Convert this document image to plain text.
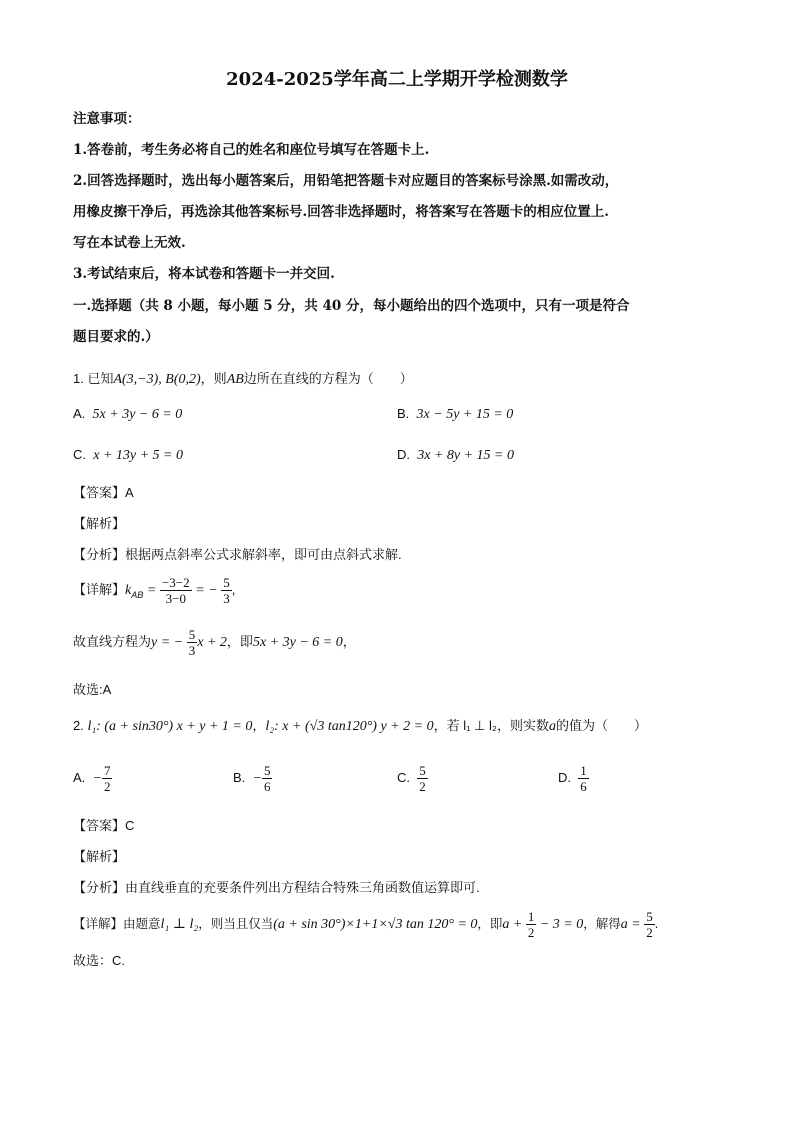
2024-2025学年高二上学期开学检测数学
注意事项：
1.答卷前，考生务必将自己的姓名和座位号填写在答题卡上.
2.回答选择题时，选出每小题答案后，用铅笔把答题卡对应题目的答案标号涂黑.如需改动，
用橡皮擦干净后，再选涂其他答案标号.回答非选择题时，将答案写在答题卡的相应位置上.
写在本试卷上无效.
3.考试结束后，将本试卷和答题卡一并交回.
一.选择题（共 8 小题，每小题 5 分，共 40 分，每小题给出的四个选项中，只有一项是符合
题目要求的.）
1. 已知A(3,−3), B(0,2)，则AB边所在直线的方程为（　　）
A. 5x + 3y − 6 = 0	B. 3x − 5y + 15 = 0
C. x + 13y + 5 = 0	D. 3x + 8y + 15 = 0
【答案】A
【解析】
【分析】根据两点斜率公式求解斜率，即可由点斜式求解.
【详解】$k_{AB} = \frac{-3-2}{3-0}$ = − $\frac{5}{3}$ ,
故直线方程为y = − $\frac{5}{3}$ x + 2，即5x + 3y − 6 = 0，
故选:A
2. l₁: (a + sin30°) x + y + 1 = 0，l₂: x + (√3 tan120°) y + 2 = 0，若 l₁ ⊥ l₂，则实数a的值为（　　）
A. − $\frac{7}{2}$	B. − $\frac{5}{6}$	C. $\frac{5}{2}$	D. $\frac{1}{6}$
【答案】C
【解析】
【分析】由直线垂直的充要条件列出方程结合特殊三角函数值运算即可.
【详解】由题意l₁ ⊥ l₂，则当且仅当(a + sin 30°)×1+1×√3 tan 120° = 0，即$a + \frac{1}{2} - 3 = 0$，解得$a = \frac{5}{2}$ .
故选：C.
